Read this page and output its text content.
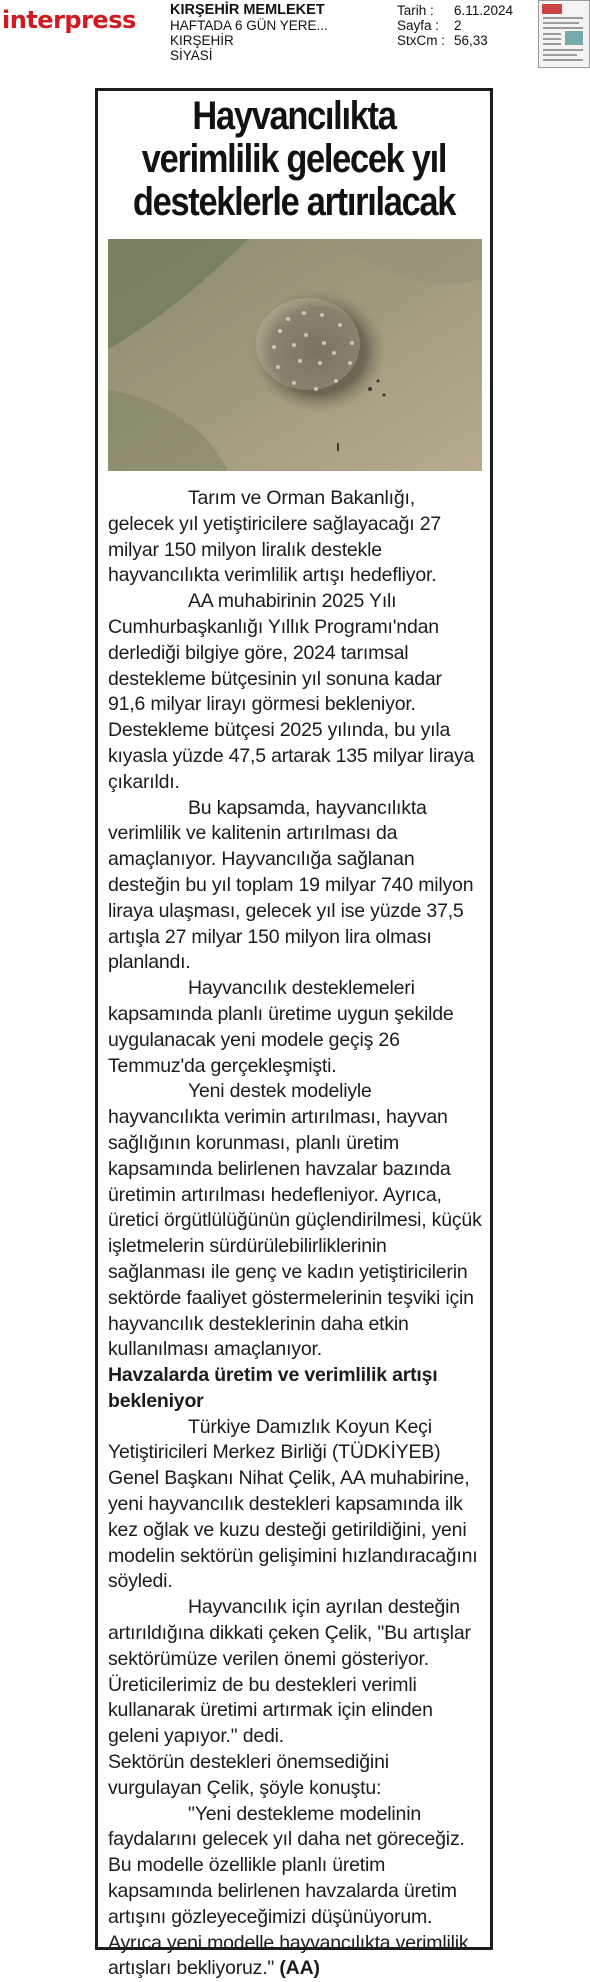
interpress KIRŞEHİR MEMLEKET
HAFTADA 6 GÜN YERE...
KIRŞEHİR
SİYASİ
Tarih : 6.11.2024
Sayfa : 2
StxCm : 56,33
Hayvancılıkta
verimlilik gelecek yıl
desteklerle artırılacak

Tarım ve Orman Bakanlığı, gelecek yıl yetiştiricilere sağlayacağı 27 milyar 150 milyon liralık destekle hayvancılıkta verimlilik artışı hedefliyor.

AA muhabirinin 2025 Yılı Cumhurbaşkanlığı Yıllık Programı'ndan derlediği bilgiye göre, 2024 tarımsal destekleme bütçesinin yıl sonuna kadar 91,6 milyar lirayı görmesi bekleniyor. Destekleme bütçesi 2025 yılında, bu yıla kıyasla yüzde 47,5 artarak 135 milyar liraya çıkarıldı.

Bu kapsamda, hayvancılıkta verimlilik ve kalitenin artırılması da amaçlanıyor. Hayvancılığa sağlanan desteğin bu yıl toplam 19 milyar 740 milyon liraya ulaşması, gelecek yıl ise yüzde 37,5 artışla 27 milyar 150 milyon lira olması planlandı.

Hayvancılık desteklemeleri kapsamında planlı üretime uygun şekilde uygulanacak yeni modele geçiş 26 Temmuz'da gerçekleşmişti.

Yeni destek modeliyle hayvancılıkta verimin artırılması, hayvan sağlığının korunması, planlı üretim kapsamında belirlenen havzalar bazında üretimin artırılması hedefleniyor. Ayrıca, üretici örgütlülüğünün güçlendirilmesi, küçük işletmelerin sürdürülebilirliklerinin sağlanması ile genç ve kadın yetiştiricilerin sektörde faaliyet göstermelerinin teşviki için hayvancılık desteklerinin daha etkin kullanılması amaçlanıyor.

Havzalarda üretim ve verimlilik artışı bekleniyor

Türkiye Damızlık Koyun Keçi Yetiştiricileri Merkez Birliği (TÜDKİYEB) Genel Başkanı Nihat Çelik, AA muhabirine, yeni hayvancılık destekleri kapsamında ilk kez oğlak ve kuzu desteği getirildiğini, yeni modelin sektörün gelişimini hızlandıracağını söyledi.

Hayvancılık için ayrılan desteğin artırıldığına dikkati çeken Çelik, "Bu artışlar sektörümüze verilen önemi gösteriyor. Üreticilerimiz de bu destekleri verimli kullanarak üretimi artırmak için elinden geleni yapıyor." dedi.

Sektörün destekleri önemsediğini vurgulayan Çelik, şöyle konuştu:

"Yeni destekleme modelinin faydalarını gelecek yıl daha net göreceğiz. Bu modelle özellikle planlı üretim kapsamında belirlenen havzalarda üretim artışını gözleyeceğimizi düşünüyorum. Ayrıca yeni modelle hayvancılıkta verimlilik artışları bekliyoruz." (AA)
